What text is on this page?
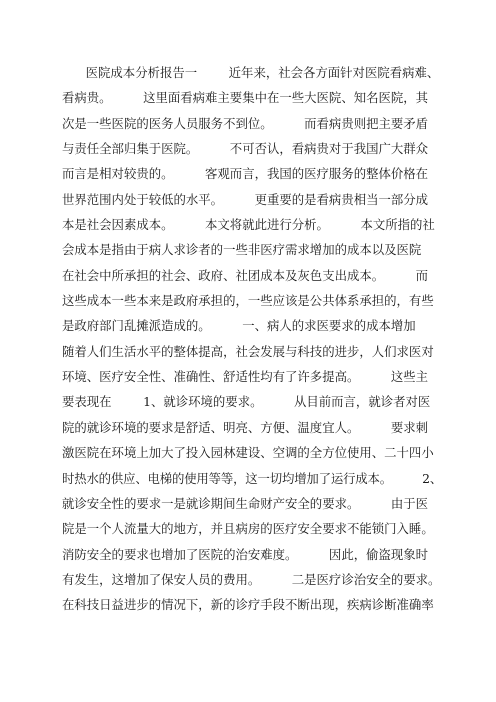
医院成本分析报告一        近年来，社会各方面针对医院看病难、
看病贵。        这里面看病难主要集中在一些大医院、知名医院，其
次是一些医院的医务人员服务不到位。        而看病贵则把主要矛盾
与责任全部归集于医院。        不可否认，看病贵对于我国广大群众
而言是相对较贵的。        客观而言，我国的医疗服务的整体价格在
世界范围内处于较低的水平。        更重要的是看病贵相当一部分成
本是社会因素成本。        本文将就此进行分析。        本文所指的社
会成本是指由于病人求诊者的一些非医疗需求增加的成本以及医院
在社会中所承担的社会、政府、社团成本及灰色支出成本。        而
这些成本一些本来是政府承担的，一些应该是公共体系承担的，有些
是政府部门乱摊派造成的。        一、病人的求医要求的成本增加
随着人们生活水平的整体提高，社会发展与科技的进步，人们求医对
环境、医疗安全性、准确性、舒适性均有了许多提高。        这些主
要表现在        1、就诊环境的要求。        从目前而言，就诊者对医
院的就诊环境的要求是舒适、明亮、方便、温度宜人。        要求刺
激医院在环境上加大了投入园林建设、空调的全方位使用、二十四小
时热水的供应、电梯的使用等等，这一切均增加了运行成本。        2、
就诊安全性的要求一是就诊期间生命财产安全的要求。        由于医
院是一个人流量大的地方，并且病房的医疗安全要求不能锁门入睡。
消防安全的要求也增加了医院的治安难度。        因此，偷盗现象时
有发生，这增加了保安人员的费用。        二是医疗诊治安全的要求。
在科技日益进步的情况下，新的诊疗手段不断出现，疾病诊断准确率
